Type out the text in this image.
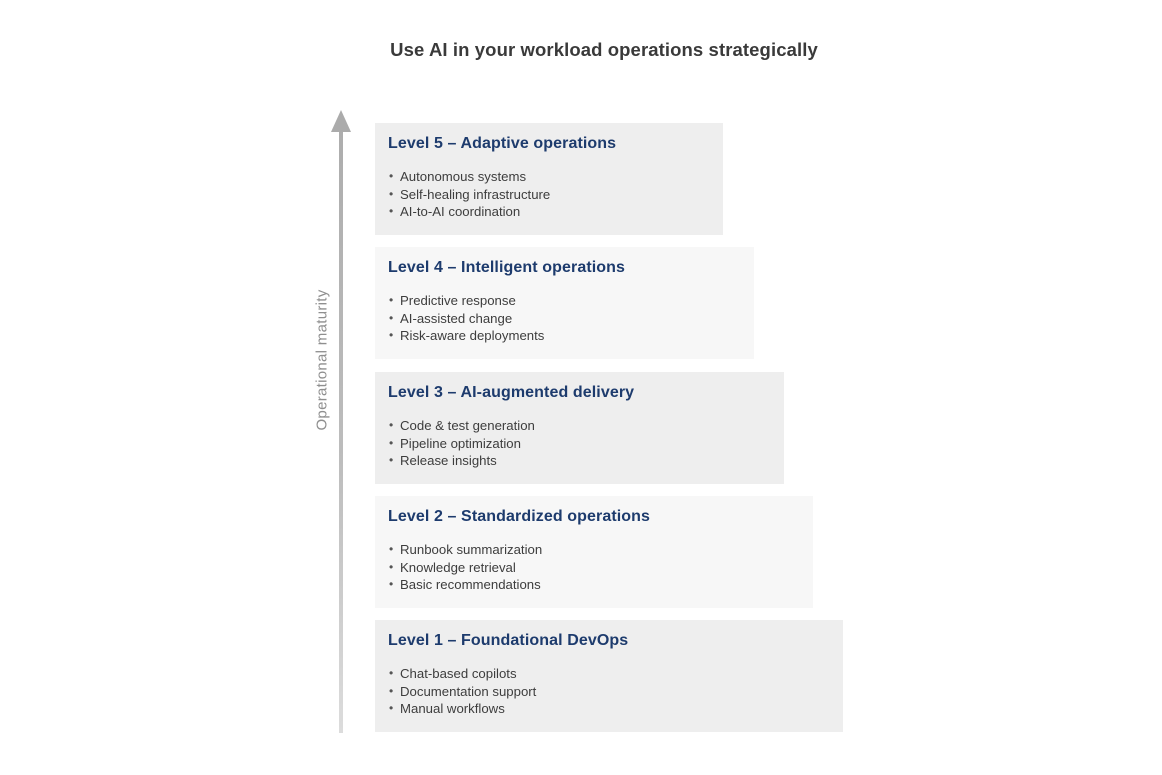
Use AI in your workload operations strategically
Operational maturity
Level 5 – Adaptive operations
• Autonomous systems
• Self-healing infrastructure
• AI-to-AI coordination
Level 4 – Intelligent operations
• Predictive response
• AI-assisted change
• Risk-aware deployments
Level 3 – AI-augmented delivery
• Code & test generation
• Pipeline optimization
• Release insights
Level 2 – Standardized operations
• Runbook summarization
• Knowledge retrieval
• Basic recommendations
Level 1 – Foundational DevOps
• Chat-based copilots
• Documentation support
• Manual workflows
